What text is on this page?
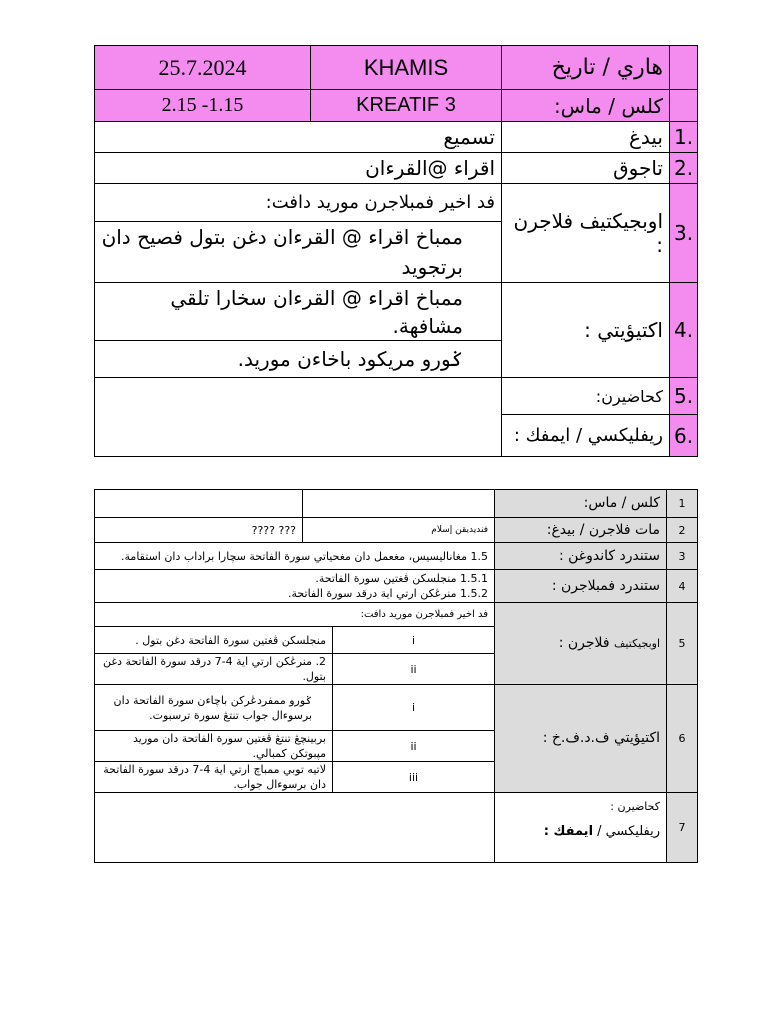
25.7.2024	KHAMIS	هاري / تاريخ	
2.15 -1.15	KREATIF 3	كلس / ماس:	
تسميع		بيدغ	1.
اقراء @القرءان		تاجوق	2.
فد اخير فمبلاجرن موريد دافت:		اوبجيكتيف فلاجرن :	3.
ممباخ اقراء @ القرءان دغن بتول فصيح دان برتجويد			
ممباخ اقراء @ القرءان سخارا تلقي مشافهة.		اكتيؤيتي :	4.
ݢورو مريكود باخاءن موريد.			
		كحاضيرن:	5.
		ريفليكسي / ايمفك :	6.
			كلس / ماس:	1
??? ????	فنديديقن إسلام		مات فلاجرن / بيدغ:	2
1.5 مغاناليسيس، مغعمل دان مغحياتي سورة الفاتحة سچارا براداب دان استقامة.			ستندرد كاندوغن :	3

1.5.1 منجلسكن ڤغتين سورة الفاتحة.
1.5.2 منرڠكن ارتي اية درقد سورة الفاتحة.			ستندرد فمبلاجرن :	4
فد اخير فمبلاجرن موريد دافت:			اوبجيكتيف فلاجرن :	5
منجلسكن ڤغتين سورة الفاتحة دغن بتول .		i		
2. منرڠكن ارتي اية 4-7 درقد سورة الفاتحة دغن بتول.		ii		
ݢورو ممفردڠرکن باچاءن سورة الفاتحة دان برسوءال جواب تنتڠ سورة ترسبوت.		i	اكتيؤيتي ف.د.ف.خ :	6
بربينچڠ تنتڠ ڤغتين سورة الفاتحة دان موريد مڽبوتکن کمبالي.		ii		
لاتيه توبي ممباچ ارتي اية 4-7 درقد سورة الفاتحة دان برسوءال جواب.		iii		

			كحاضيرن :
ريفليكسي / ايمفك :	7
